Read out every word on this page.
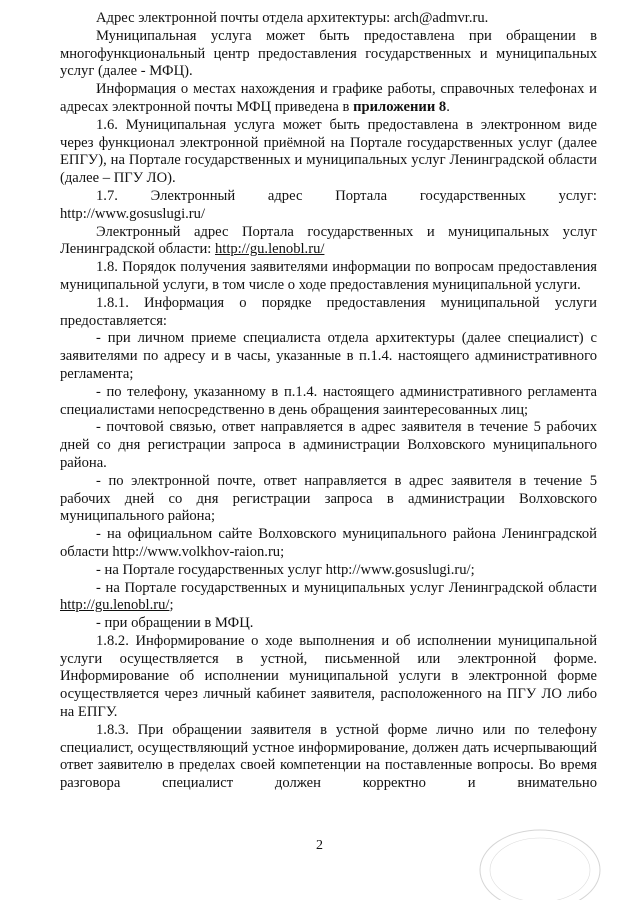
Адрес электронной почты отдела архитектуры: arch@admvr.ru.

Муниципальная услуга может быть предоставлена при обращении в многофункциональный центр предоставления государственных и муниципальных услуг (далее - МФЦ).

Информация о местах нахождения и графике работы, справочных телефонах и адресах электронной почты МФЦ приведена в приложении 8.

1.6. Муниципальная услуга может быть предоставлена в электронном виде через функционал электронной приёмной на Портале государственных услуг (далее ЕПГУ), на Портале государственных и муниципальных услуг Ленинградской области (далее – ПГУ ЛО).

1.7. Электронный адрес Портала государственных услуг: http://www.gosuslugi.ru/

Электронный адрес Портала государственных и муниципальных услуг Ленинградской области: http://gu.lenobl.ru/

1.8. Порядок получения заявителями информации по вопросам предоставления муниципальной услуги, в том числе о ходе предоставления муниципальной услуги.

1.8.1. Информация о порядке предоставления муниципальной услуги предоставляется:

- при личном приеме специалиста отдела архитектуры (далее специалист) с заявителями по адресу и в часы, указанные в п.1.4. настоящего административного регламента;

- по телефону, указанному в п.1.4. настоящего административного регламента специалистами непосредственно в день обращения заинтересованных лиц;

- почтовой связью, ответ направляется в адрес заявителя в течение 5 рабочих дней со дня регистрации запроса в администрации Волховского муниципального района.

- по электронной почте, ответ направляется в адрес заявителя в течение 5 рабочих дней со дня регистрации запроса в администрации Волховского муниципального района;

- на официальном сайте Волховского муниципального района Ленинградской области http://www.volkhov-raion.ru;

- на Портале государственных услуг http://www.gosuslugi.ru/;

- на Портале государственных и муниципальных услуг Ленинградской области http://gu.lenobl.ru/;

- при обращении в МФЦ.

1.8.2. Информирование о ходе выполнения и об исполнении муниципальной услуги осуществляется в устной, письменной или электронной форме. Информирование об исполнении муниципальной услуги в электронной форме осуществляется через личный кабинет заявителя, расположенного на ПГУ ЛО либо на ЕПГУ.

1.8.3. При обращении заявителя в устной форме лично или по телефону специалист, осуществляющий устное информирование, должен дать исчерпывающий ответ заявителю в пределах своей компетенции на поставленные вопросы. Во время разговора специалист должен корректно и внимательно

2
